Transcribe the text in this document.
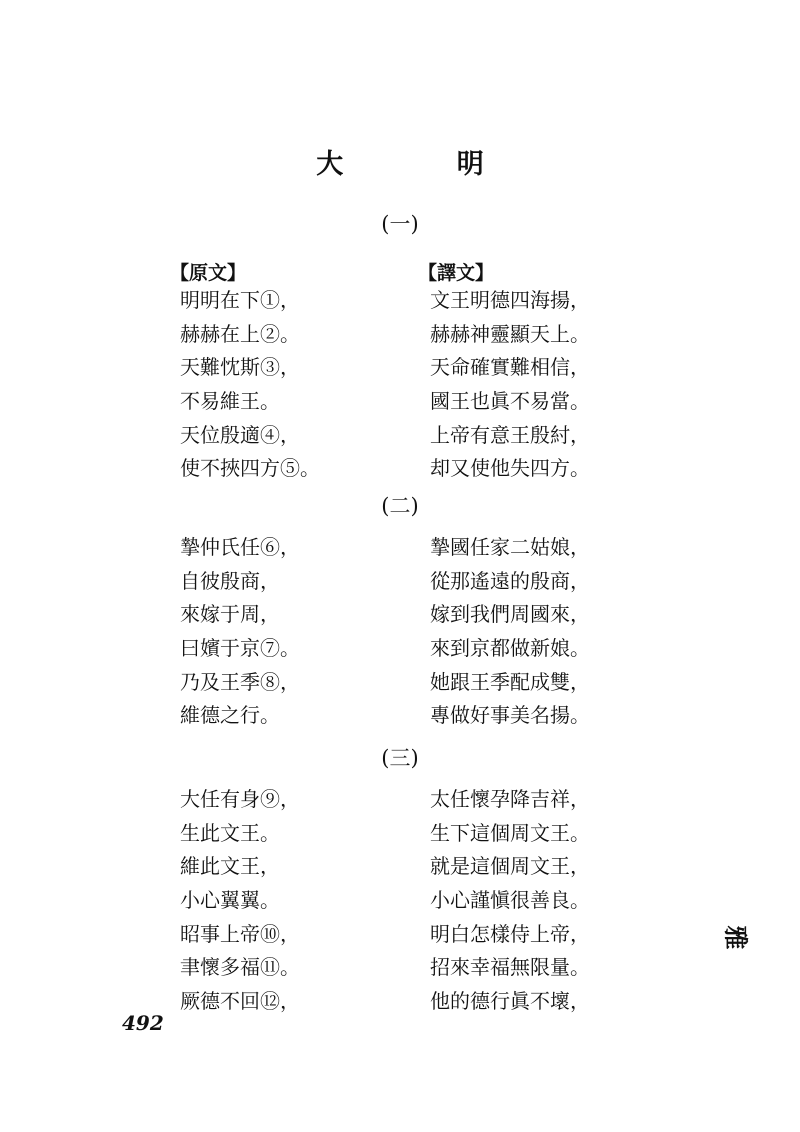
大 明
(一)
【原文】	【譯文】
明明在下①，
赫赫在上②。
天難忱斯③，
不易維王。
天位殷適④，
使不挾四方⑤。
文王明德四海揚，
赫赫神靈顯天上。
天命確實難相信，
國王也眞不易當。
上帝有意王殷紂，
却又使他失四方。
(二)
摯仲氏任⑥，
自彼殷商，
來嫁于周，
曰嬪于京⑦。
乃及王季⑧，
維德之行。
摯國任家二姑娘，
從那遙遠的殷商，
嫁到我們周國來，
來到京都做新娘。
她跟王季配成雙，
專做好事美名揚。
(三)
大任有身⑨，
生此文王。
維此文王，
小心翼翼。
昭事上帝⑩，
聿懷多福⑪。
厥德不回⑫，
太任懷孕降吉祥，
生下這個周文王。
就是這個周文王，
小心謹愼很善良。
明白怎樣侍上帝，
招來幸福無限量。
他的德行眞不壞，
492
雅
